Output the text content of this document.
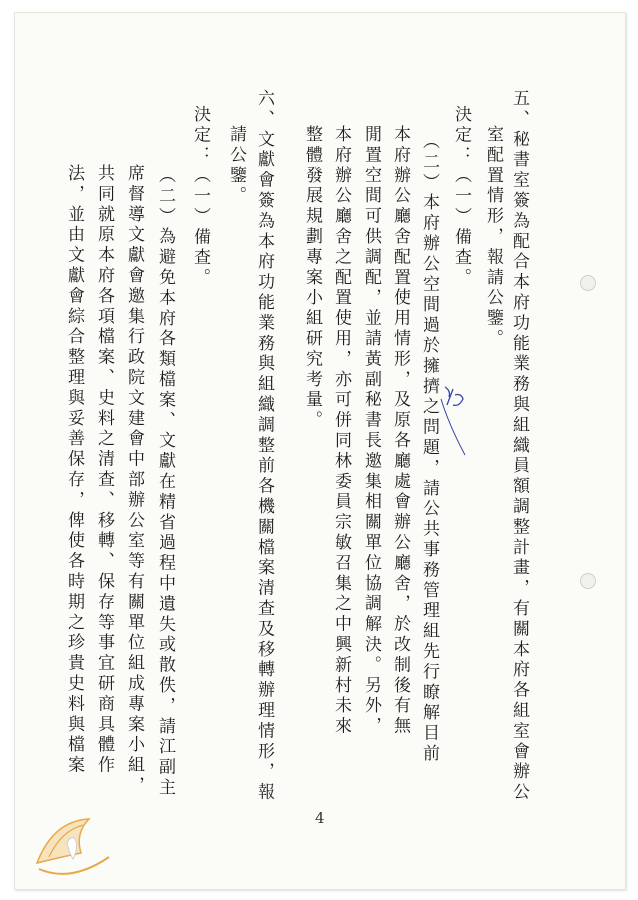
五、秘書室簽為配合本府功能業務與組織員額調整計畫，有關本府各組室會辦公
室配置情形，報請公鑒。
決定：（一）備查。
（二）本府辦公空間過於擁擠之問題，請公共事務管理組先行瞭解目前
本府辦公廳舍配置使用情形，及原各廳處會辦公廳舍，於改制後有無
閒置空間可供調配，並請黃副秘書長邀集相關單位協調解決。另外，
本府辦公廳舍之配置使用，亦可併同林委員宗敏召集之中興新村未來
整體發展規劃專案小組研究考量。
六、文獻會簽為本府功能業務與組織調整前各機關檔案清查及移轉辦理情形，報
請公鑒。
決定：（一）備查。
（二）為避免本府各類檔案、文獻在精省過程中遺失或散佚，請江副主
席督導文獻會邀集行政院文建會中部辦公室等有關單位組成專案小組，
共同就原本府各項檔案、史料之清查、移轉、保存等事宜研商具體作
法，並由文獻會綜合整理與妥善保存，俾使各時期之珍貴史料與檔案	擁擠
4
